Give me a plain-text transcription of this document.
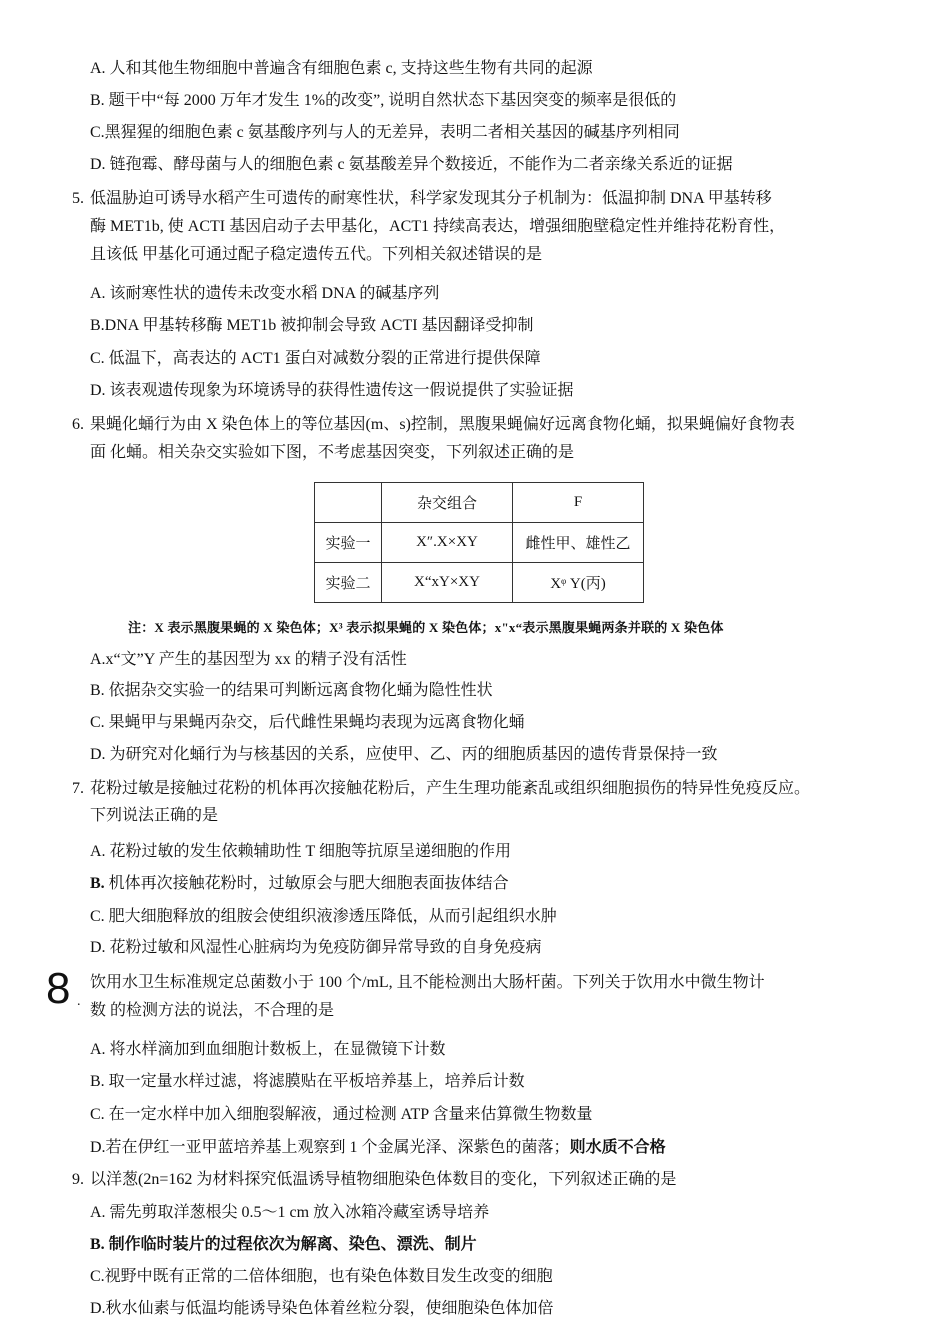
A. 人和其他生物细胞中普遍含有细胞色素 c, 支持这些生物有共同的起源
B. 题干中“每 2000 万年才发生 1%的改变”, 说明自然状态下基因突变的频率是很低的
C.黑猩猩的细胞色素 c 氨基酸序列与人的无差异，表明二者相关基因的碱基序列相同
D. 链孢霉、酵母菌与人的细胞色素 c 氨基酸差异个数接近，不能作为二者亲缘关系近的证据
5. 低温胁迫可诱导水稻产生可遗传的耐寒性状，科学家发现其分子机制为：低温抑制 DNA 甲基转移
酶 MET1b, 使 ACTI 基因启动子去甲基化，ACT1 持续高表达，增强细胞壁稳定性并维持花粉育性，
且该低 甲基化可通过配子稳定遗传五代。下列相关叙述错误的是
A. 该耐寒性状的遗传未改变水稻 DNA 的碱基序列
B.DNA 甲基转移酶 MET1b 被抑制会导致 ACTI 基因翻译受抑制
C. 低温下，高表达的 ACT1 蛋白对减数分裂的正常进行提供保障
D. 该表观遗传现象为环境诱导的获得性遗传这一假说提供了实验证据
6. 果蝇化蛹行为由 X 染色体上的等位基因(m、s)控制，黑腹果蝇偏好远离食物化蛹，拟果蝇偏好食物表
面 化蛹。相关杂交实验如下图，不考虑基因突变，下列叙述正确的是
	杂交组合	F
实验一	X″.X×XY	雌性甲、雄性乙
实验二	X“xY×XY	Xᵠ Y(丙)
注：X 表示黑腹果蝇的 X 染色体；X³ 表示拟果蝇的 X 染色体；x"x“表示黑腹果蝇两条并联的 X 染色体
A.x“文”Y 产生的基因型为 xx 的精子没有活性
B. 依据杂交实验一的结果可判断远离食物化蛹为隐性性状
C. 果蝇甲与果蝇丙杂交，后代雌性果蝇均表现为远离食物化蛹
D. 为研究对化蛹行为与核基因的关系，应使甲、乙、丙的细胞质基因的遗传背景保持一致
7. 花粉过敏是接触过花粉的机体再次接触花粉后，产生生理功能紊乱或组织细胞损伤的特异性免疫反应。
下列说法正确的是
A. 花粉过敏的发生依赖辅助性 T 细胞等抗原呈递细胞的作用
B. 机体再次接触花粉时，过敏原会与肥大细胞表面抜体结合
C. 肥大细胞释放的组胺会使组织液渗透压降低，从而引起组织水肿
D. 花粉过敏和风湿性心脏病均为免疫防御异常导致的自身免疫病
8 .
饮用水卫生标准规定总菌数小于 100 个/mL, 且不能检测出大肠杆菌。下列关于饮用水中微生物计
数 的检测方法的说法，不合理的是
A. 将水样滴加到血细胞计数板上，在显微镜下计数
B. 取一定量水样过滤，将滤膜贴在平板培养基上，培养后计数
C. 在一定水样中加入细胞裂解液，通过检测 ATP 含量来估算微生物数量
D.若在伊红一亚甲蓝培养基上观察到 1 个金属光泽、深紫色的菌落；则水质不合格
9. 以洋葱(2n=162 为材料探究低温诱导植物细胞染色体数目的变化，下列叙述正确的是
A. 需先剪取洋葱根尖 0.5～1 cm 放入冰箱冷藏室诱导培养
B. 制作临时装片的过程依次为解离、染色、漂洗、制片
C.视野中既有正常的二倍体细胞，也有染色体数目发生改变的细胞
D.秋水仙素与低温均能诱导染色体着丝粒分裂，使细胞染色体加倍
